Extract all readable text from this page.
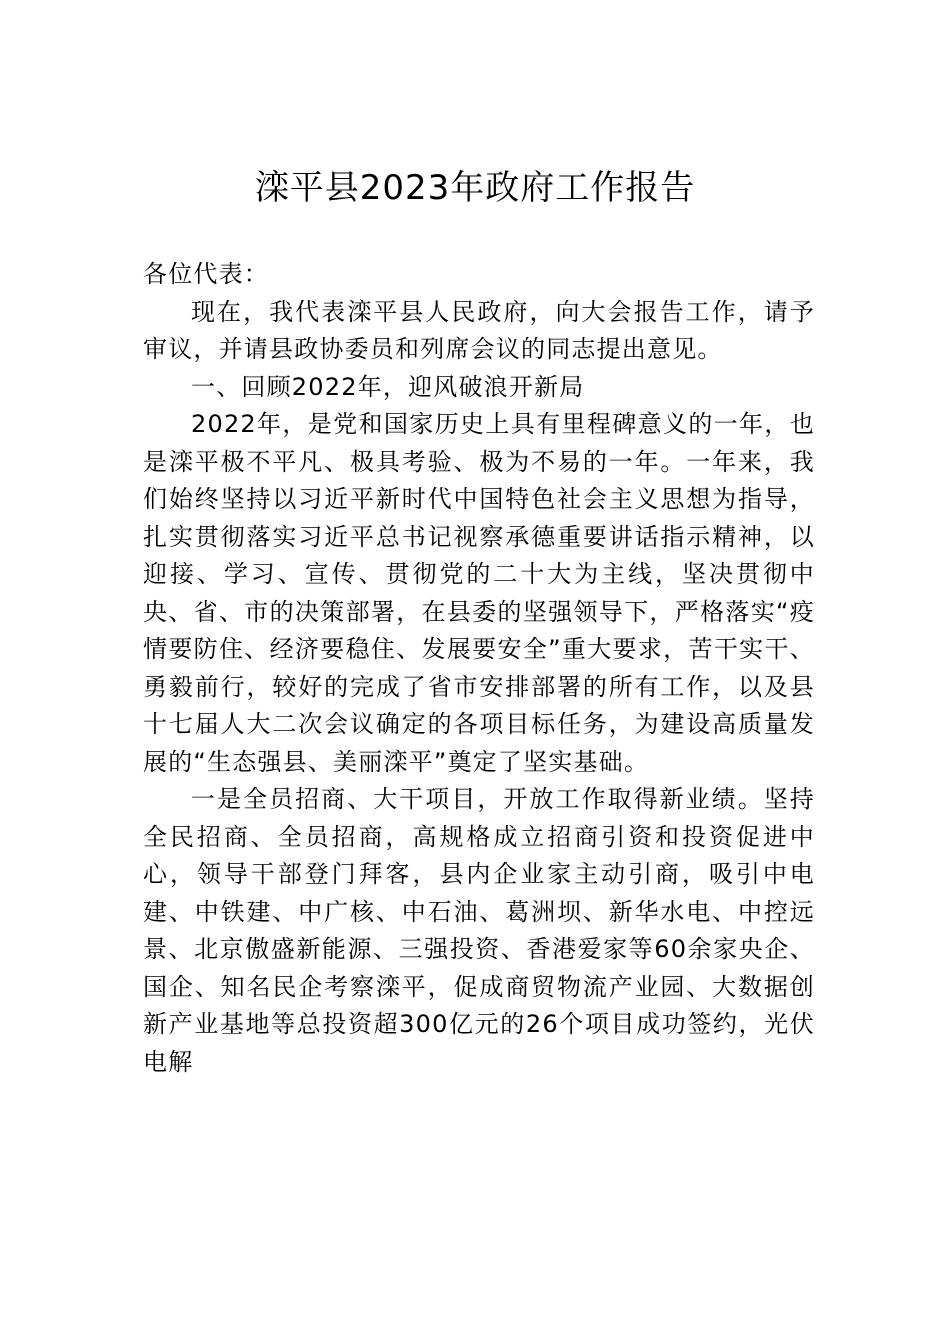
滦平县2023年政府工作报告

各位代表：

现在，我代表滦平县人民政府，向大会报告工作，请予审议，并请县政协委员和列席会议的同志提出意见。

一、回顾2022年，迎风破浪开新局

2022年，是党和国家历史上具有里程碑意义的一年，也是滦平极不平凡、极具考验、极为不易的一年。一年来，我们始终坚持以习近平新时代中国特色社会主义思想为指导，扎实贯彻落实习近平总书记视察承德重要讲话指示精神，以迎接、学习、宣传、贯彻党的二十大为主线，坚决贯彻中央、省、市的决策部署，在县委的坚强领导下，严格落实“疫情要防住、经济要稳住、发展要安全”重大要求，苦干实干、勇毅前行，较好的完成了省市安排部署的所有工作，以及县十七届人大二次会议确定的各项目标任务，为建设高质量发展的“生态强县、美丽滦平”奠定了坚实基础。

一是全员招商、大干项目，开放工作取得新业绩。坚持全民招商、全员招商，高规格成立招商引资和投资促进中心，领导干部登门拜客，县内企业家主动引商，吸引中电建、中铁建、中广核、中石油、葛洲坝、新华水电、中控远景、北京傲盛新能源、三强投资、香港爱家等60余家央企、国企、知名民企考察滦平，促成商贸物流产业园、大数据创新产业基地等总投资超300亿元的26个项目成功签约，光伏电解
